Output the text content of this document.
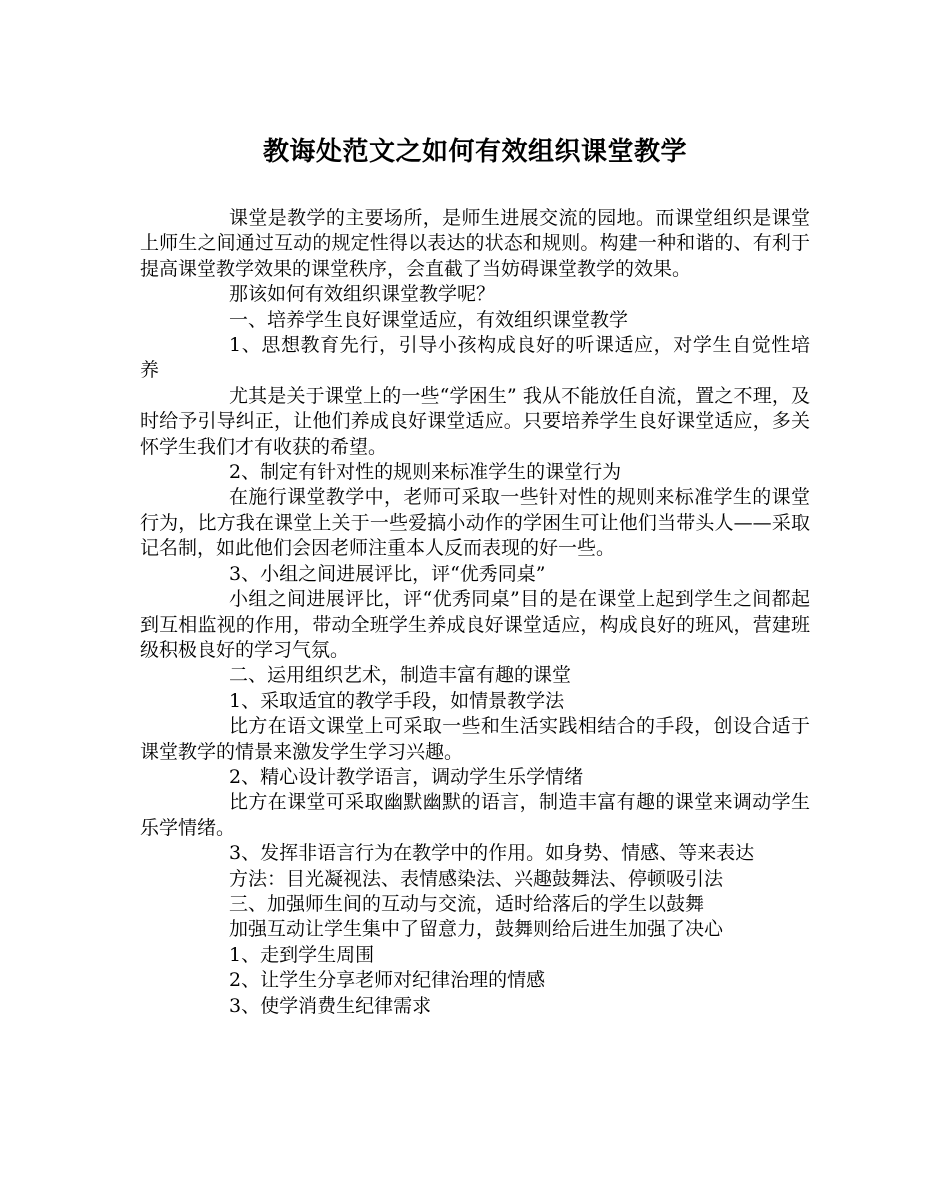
教诲处范文之如何有效组织课堂教学

课堂是教学的主要场所，是师生进展交流的园地。而课堂组织是课堂上师生之间通过互动的规定性得以表达的状态和规则。构建一种和谐的、有利于提高课堂教学效果的课堂秩序，会直截了当妨碍课堂教学的效果。

那该如何有效组织课堂教学呢？

一、培养学生良好课堂适应，有效组织课堂教学

1、思想教育先行，引导小孩构成良好的听课适应，对学生自觉性培养

尤其是关于课堂上的一些“学困生” 我从不能放任自流，置之不理，及时给予引导纠正，让他们养成良好课堂适应。只要培养学生良好课堂适应，多关怀学生我们才有收获的希望。

2、制定有针对性的规则来标准学生的课堂行为

在施行课堂教学中，老师可采取一些针对性的规则来标准学生的课堂行为，比方我在课堂上关于一些爱搞小动作的学困生可让他们当带头人——采取记名制，如此他们会因老师注重本人反而表现的好一些。

3、小组之间进展评比，评“优秀同桌”

小组之间进展评比，评“优秀同桌”目的是在课堂上起到学生之间都起到互相监视的作用，带动全班学生养成良好课堂适应，构成良好的班风，营建班级积极良好的学习气氛。

二、运用组织艺术，制造丰富有趣的课堂

1、采取适宜的教学手段，如情景教学法

比方在语文课堂上可采取一些和生活实践相结合的手段，创设合适于课堂教学的情景来激发学生学习兴趣。

2、精心设计教学语言，调动学生乐学情绪

比方在课堂可采取幽默幽默的语言，制造丰富有趣的课堂来调动学生乐学情绪。

3、发挥非语言行为在教学中的作用。如身势、情感、等来表达

方法：目光凝视法、表情感染法、兴趣鼓舞法、停顿吸引法

三、加强师生间的互动与交流，适时给落后的学生以鼓舞

加强互动让学生集中了留意力，鼓舞则给后进生加强了决心

1、走到学生周围

2、让学生分享老师对纪律治理的情感

3、使学消费生纪律需求
